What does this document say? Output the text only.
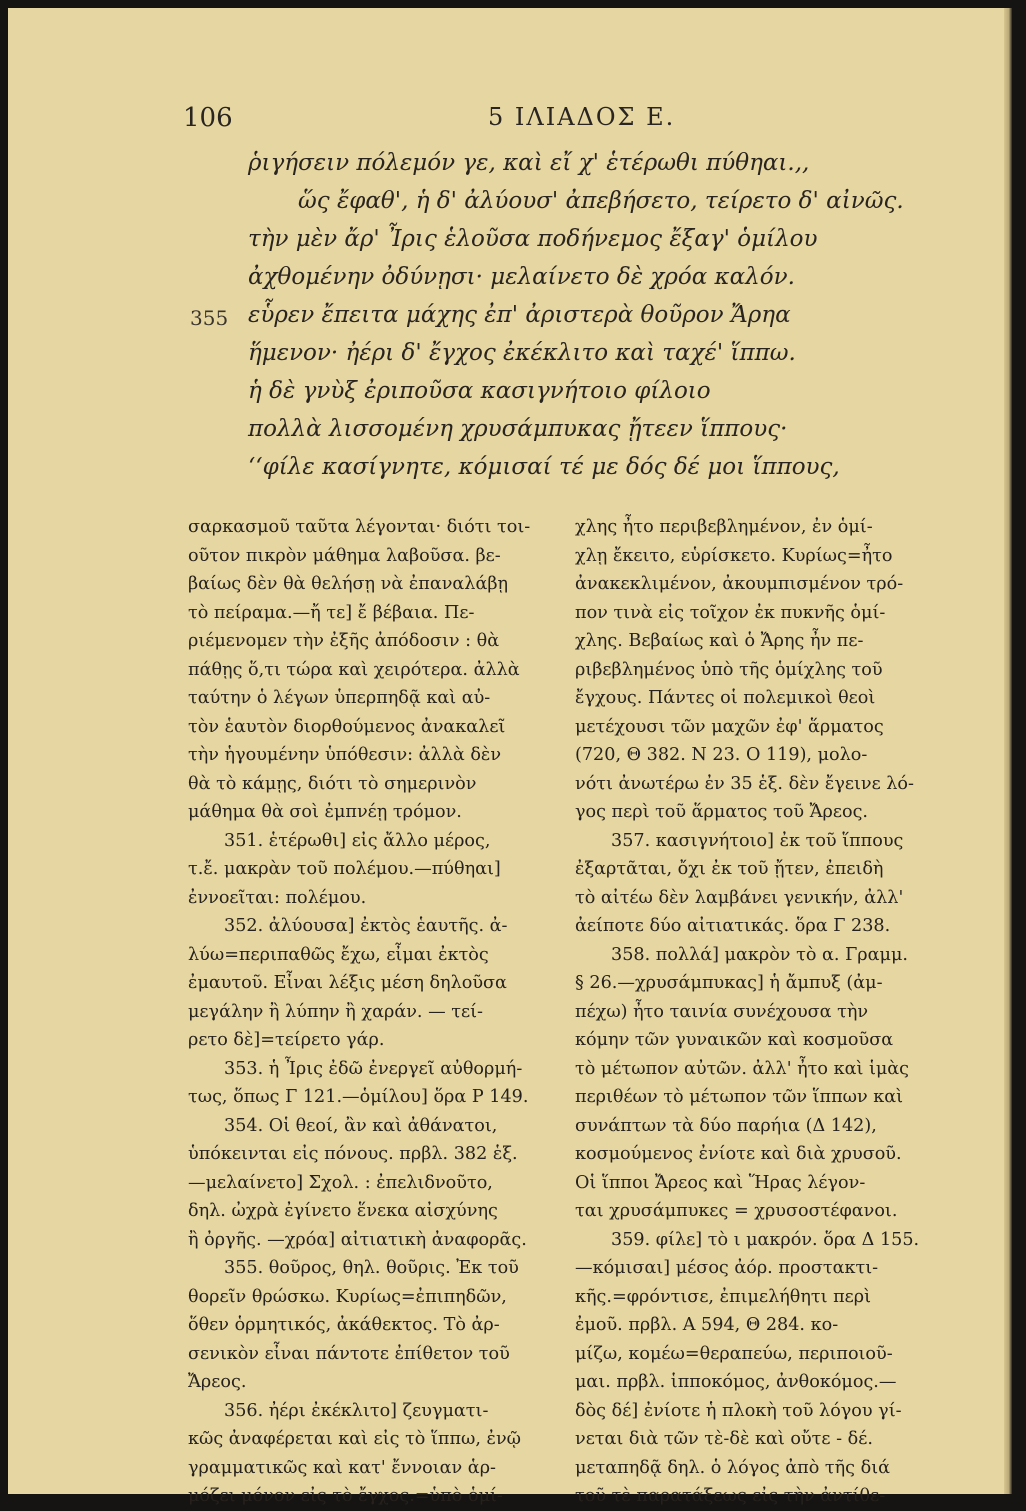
106	5 ΙΛΙΑΔΟΣ Ε.
ῥιγήσειν πόλεμόν γε, καὶ εἴ χ' ἑτέρωθι πύθηαι.,,
ὥς ἔφαθ', ἡ δ' ἀλύουσ' ἀπεβήσετο, τείρετο δ' αἰνῶς.
τὴν μὲν ἄρ' Ἶρις ἑλοῦσα ποδήνεμος ἔξαγ' ὁμίλου
ἀχθομένην ὀδύνῃσι· μελαίνετο δὲ χρόα καλόν.
355 εὗρεν ἔπειτα μάχης ἐπ' ἀριστερὰ θοῦρον Ἄρηα
ἥμενον· ἠέρι δ' ἔγχος ἐκέκλιτο καὶ ταχέ' ἵππω.
ἡ δὲ γνὺξ ἐριποῦσα κασιγνήτοιο φίλοιο
πολλὰ λισσομένη χρυσάμπυκας ᾔτεεν ἵππους·
‘‘φίλε κασίγνητε, κόμισαί τέ με δός δέ μοι ἵππους,
σαρκασμοῦ ταῦτα λέγονται· διότι τοι-
οῦτον πικρὸν μάθημα λαβοῦσα. βε-
βαίως δὲν θὰ θελήσῃ νὰ ἐπαναλάβῃ
τὸ πείραμα.—ἤ τε] ἔ βέβαια. Πε-
ριέμενομεν τὴν ἐξῆς ἀπόδοσιν : θὰ
πάθῃς ὅ,τι τώρα καὶ χειρότερα. ἀλλὰ
ταύτην ὁ λέγων ὑπερπηδᾷ καὶ αὐ-
τὸν ἑαυτὸν διορθούμενος ἀνακαλεῖ
τὴν ἡγουμένην ὑπόθεσιν: ἀλλὰ δὲν
θὰ τὸ κάμῃς, διότι τὸ σημερινὸν
μάθημα θὰ σοὶ ἐμπνέῃ τρόμον.
351. ἑτέρωθι] εἰς ἄλλο μέρος,
τ.ἔ. μακρὰν τοῦ πολέμου.—πύθηαι]
ἐννοεῖται: πολέμου.
352. ἀλύουσα] ἐκτὸς ἑαυτῆς. ἀ-
λύω=περιπαθῶς ἔχω, εἶμαι ἐκτὸς
ἐμαυτοῦ. Εἶναι λέξις μέση δηλοῦσα
μεγάλην ἢ λύπην ἢ χαράν. — τεί-
ρετο δὲ]=τείρετο γάρ.
353. ἡ Ἶρις ἐδῶ ἐνεργεῖ αὐθορμή-
τως, ὅπως Γ 121.—ὁμίλου] ὅρα Ρ 149.
354. Οἱ θεοί, ἂν καὶ ἀθάνατοι,
ὑπόκεινται εἰς πόνους. πρβλ. 382 ἑξ.
—μελαίνετο] Σχολ. : ἐπελιδνοῦτο,
δηλ. ὠχρὰ ἐγίνετο ἕνεκα αἰσχύνης
ἢ ὀργῆς. —χρόα] αἰτιατικὴ ἀναφορᾶς.
355. θοῦρος, θηλ. θοῦρις. Ἐκ τοῦ
θορεῖν θρώσκω. Κυρίως=ἐπιπηδῶν,
ὅθεν ὁρμητικός, ἀκάθεκτος. Τὸ ἀρ-
σενικὸν εἶναι πάντοτε ἐπίθετον τοῦ
Ἄρεος.
356. ἠέρι ἐκέκλιτο] ζευγματι-
κῶς ἀναφέρεται καὶ εἰς τὸ ἵππω, ἐνῷ
γραμματικῶς καὶ κατ' ἔννοιαν ἁρ-
μόζει μόνον εἰς τὸ ἔγχος.=ὑπὸ ὁμί-
χλης ἦτο περιβεβλημένον, ἐν ὁμί-
χλῃ ἔκειτο, εὑρίσκετο. Κυρίως=ἦτο
ἀνακεκλιμένον, ἀκουμπισμένον τρό-
πον τινὰ εἰς τοῖχον ἐκ πυκνῆς ὁμί-
χλης. Βεβαίως καὶ ὁ Ἄρης ἦν πε-
ριβεβλημένος ὑπὸ τῆς ὁμίχλης τοῦ
ἔγχους. Πάντες οἱ πολεμικοὶ θεοὶ
μετέχουσι τῶν μαχῶν ἐφ' ἅρματος
(720, Θ 382. Ν 23. Ο 119), μολο-
νότι ἀνωτέρω ἐν 35 ἑξ. δὲν ἔγεινε λό-
γος περὶ τοῦ ἅρματος τοῦ Ἄρεος.
357. κασιγνήτοιο] ἐκ τοῦ ἵππους
ἐξαρτᾶται, ὄχι ἐκ τοῦ ᾔτεν, ἐπειδὴ
τὸ αἰτέω δὲν λαμβάνει γενικήν, ἀλλ'
ἀείποτε δύο αἰτιατικάς. ὅρα Γ 238.
358. πολλά] μακρὸν τὸ α. Γραμμ.
§ 26.—χρυσάμπυκας] ἡ ἄμπυξ (ἀμ-
πέχω) ἦτο ταινία συνέχουσα τὴν
κόμην τῶν γυναικῶν καὶ κοσμοῦσα
τὸ μέτωπον αὐτῶν. ἀλλ' ἦτο καὶ ἱμὰς
περιθέων τὸ μέτωπον τῶν ἵππων καὶ
συνάπτων τὰ δύο παρήια (Δ 142),
κοσμούμενος ἐνίοτε καὶ διὰ χρυσοῦ.
Οἱ ἵπποι Ἄρεος καὶ Ἥρας λέγον-
ται χρυσάμπυκες = χρυσοστέφανοι.
359. φίλε] τὸ ι μακρόν. ὅρα Δ 155.
—κόμισαι] μέσος ἀόρ. προστακτι-
κῆς.=φρόντισε, ἐπιμελήθητι περὶ
ἐμοῦ. πρβλ. Α 594, Θ 284. κο-
μίζω, κομέω=θεραπεύω, περιποιοῦ-
μαι. πρβλ. ἱπποκόμος, ἀνθοκόμος.—
δὸς δέ] ἐνίοτε ἡ πλοκὴ τοῦ λόγου γί-
νεται διὰ τῶν τὲ-δὲ καὶ οὔτε - δέ.
μεταπηδᾷ δηλ. ὁ λόγος ἀπὸ τῆς διά
τοῦ τὲ παρατάξεως εἰς τὴν ἀντίθε-
